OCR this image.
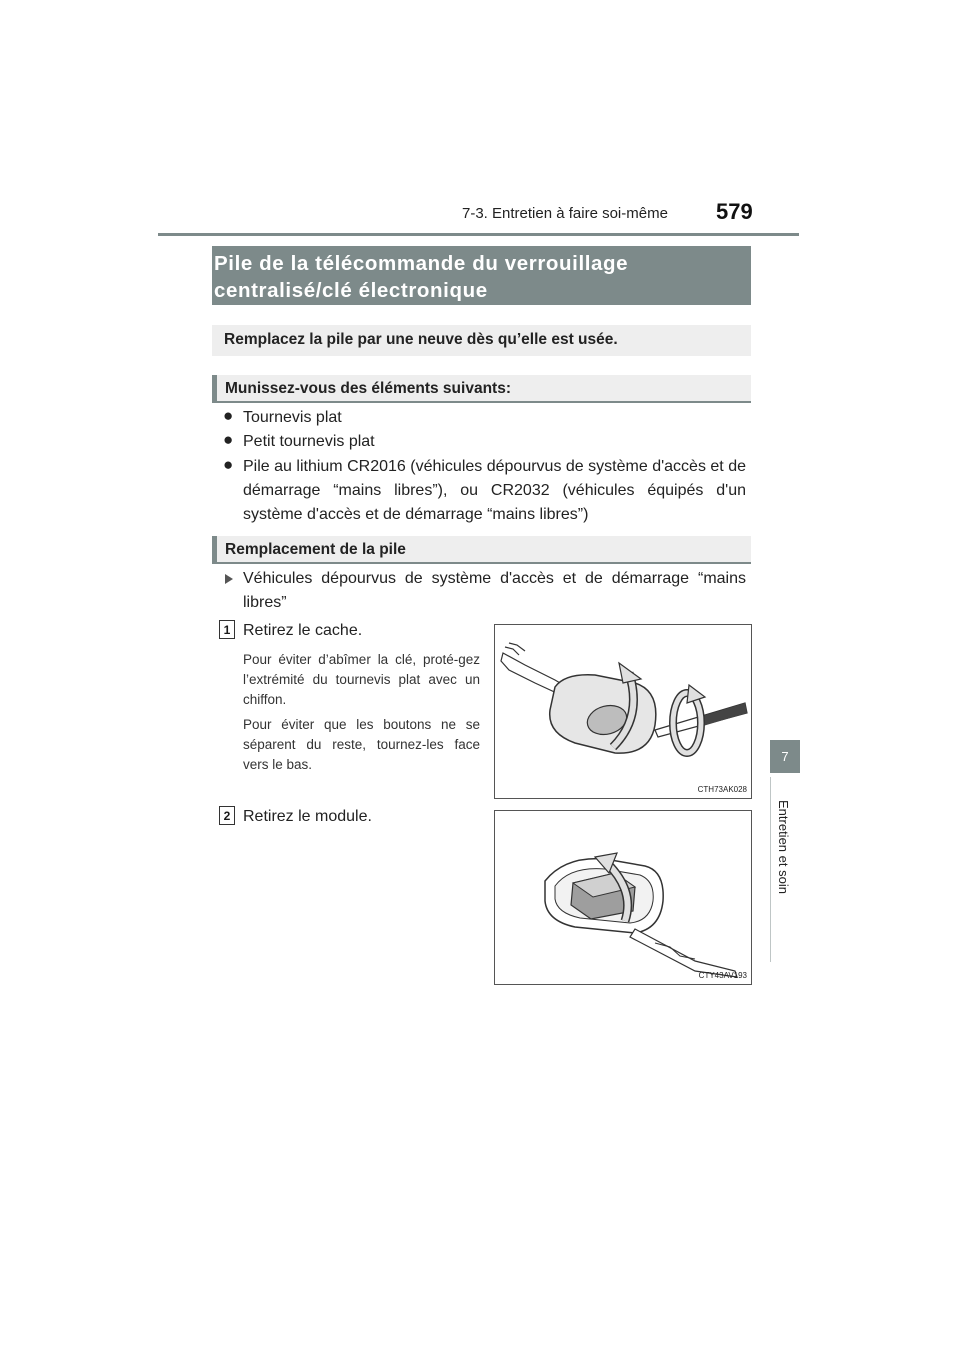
7-3. Entretien à faire soi-même 579
7
Entretien et soin
Pile de la télécommande du verrouillage
centralisé/clé électronique
Remplacez la pile par une neuve dès qu’elle est usée.
Munissez-vous des éléments suivants:
● Tournevis plat
● Petit tournevis plat
● Pile au lithium CR2016 (véhicules dépourvus de système d'accès et de démarrage “mains libres”), ou CR2032 (véhicules équipés d'un système d'accès et de démarrage “mains libres”)
Remplacement de la pile
Véhicules dépourvus de système d'accès et de démarrage “mains libres”
1 Retirez le cache.
Pour éviter d’abîmer la clé, proté-gez l’extrémité du tournevis plat avec un chiffon.
Pour éviter que les boutons ne se séparent du reste, tournez-les face vers le bas.
CTH73AK028
2 Retirez le module.
CTY43AV193
